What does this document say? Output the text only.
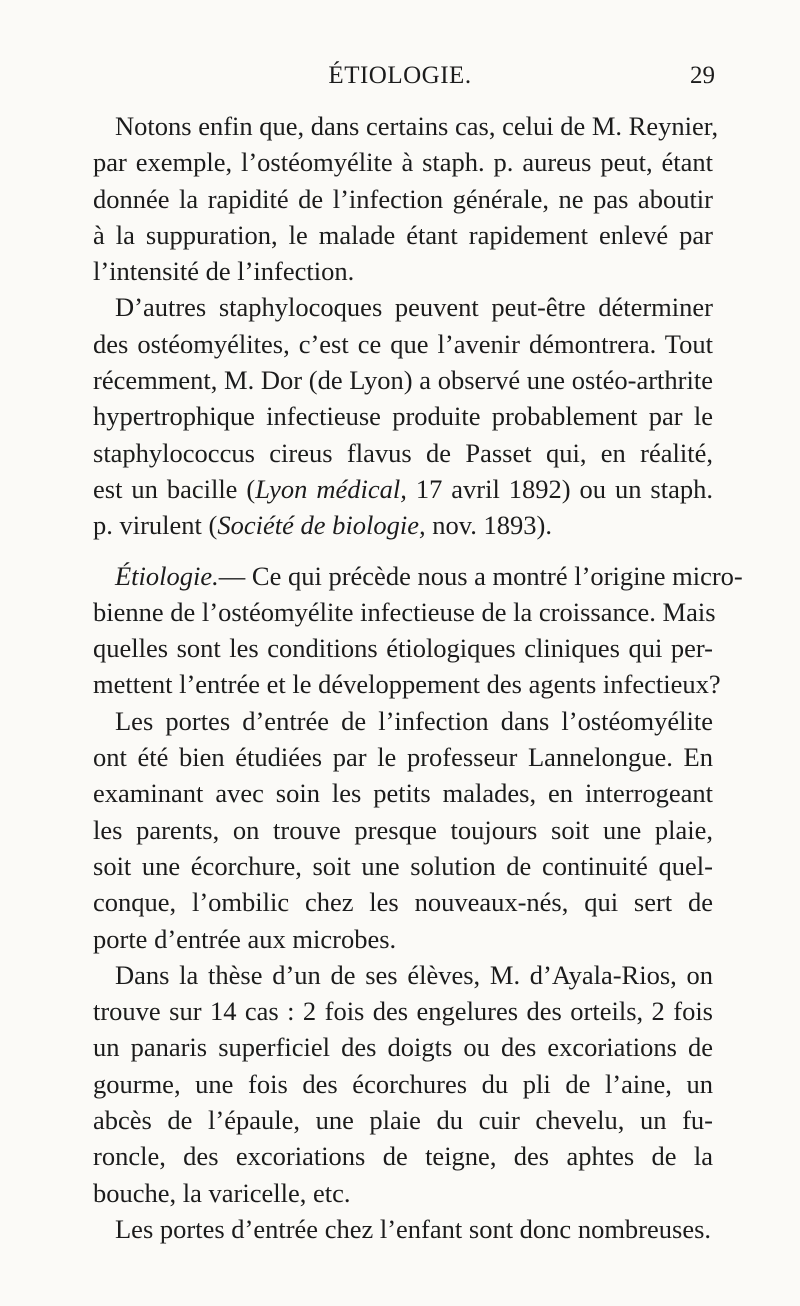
ÉTIOLOGIE.	29
Notons enfin que, dans certains cas, celui de M. Reynier,
par exemple, l’ostéomyélite à staph. p. aureus peut, étant
donnée la rapidité de l’infection générale, ne pas aboutir
à la suppuration, le malade étant rapidement enlevé par
l’intensité de l’infection.
D’autres staphylocoques peuvent peut-être déterminer
des ostéomyélites, c’est ce que l’avenir démontrera. Tout
récemment, M. Dor (de Lyon) a observé une ostéo-arthrite
hypertrophique infectieuse produite probablement par le
staphylococcus cireus flavus de Passet qui, en réalité,
est un bacille (Lyon médical, 17 avril 1892) ou un staph.
p. virulent (Société de biologie, nov. 1893).
Étiologie.— Ce qui précède nous a montré l’origine micro-
bienne de l’ostéomyélite infectieuse de la croissance. Mais
quelles sont les conditions étiologiques cliniques qui per-
mettent l’entrée et le développement des agents infectieux?
Les portes d’entrée de l’infection dans l’ostéomyélite
ont été bien étudiées par le professeur Lannelongue. En
examinant avec soin les petits malades, en interrogeant
les parents, on trouve presque toujours soit une plaie,
soit une écorchure, soit une solution de continuité quel-
conque, l’ombilic chez les nouveaux-nés, qui sert de
porte d’entrée aux microbes.
Dans la thèse d’un de ses élèves, M. d’Ayala-Rios, on
trouve sur 14 cas : 2 fois des engelures des orteils, 2 fois
un panaris superficiel des doigts ou des excoriations de
gourme, une fois des écorchures du pli de l’aine, un
abcès de l’épaule, une plaie du cuir chevelu, un fu-
roncle, des excoriations de teigne, des aphtes de la
bouche, la varicelle, etc.
Les portes d’entrée chez l’enfant sont donc nombreuses.
